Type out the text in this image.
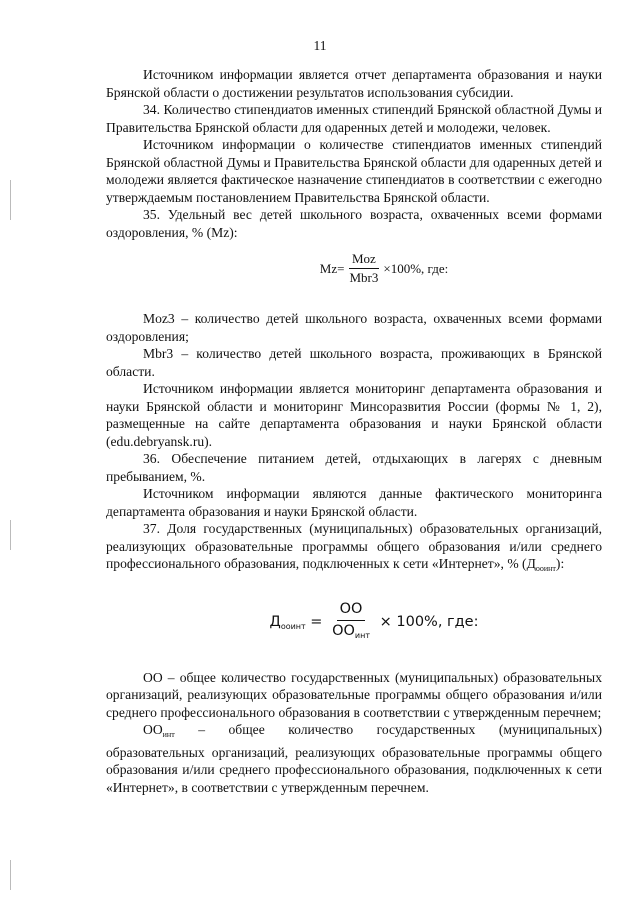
11

Источником информации является отчет департамента образования и науки Брянской области о достижении результатов использования субсидии.

34. Количество стипендиатов именных стипендий Брянской областной Думы и Правительства Брянской области для одаренных детей и молодежи, человек.

Источником информации о количестве стипендиатов именных стипендий Брянской областной Думы и Правительства Брянской области для одаренных детей и молодежи является фактическое назначение стипендиатов в соответствии с ежегодно утверждаемым постановлением Правительства Брянской области.

35. Удельный вес детей школьного возраста, охваченных всеми формами оздоровления, % (Mz):

$Mz= \frac{\text{Moz}}{\text{Mbr3}} \times 100\%$, где:

Moz3 – количество детей школьного возраста, охваченных всеми формами оздоровления;

Mbr3 – количество детей школьного возраста, проживающих в Брянской области.

Источником информации является мониторинг департамента образования и науки Брянской области и мониторинг Минсоразвития России (формы № 1, 2), размещенные на сайте департамента образования и науки Брянской области (edu.debryansk.ru).

36. Обеспечение питанием детей, отдыхающих в лагерях с дневным пребыванием, %.

Источником информации являются данные фактического мониторинга департамента образования и науки Брянской области.

37. Доля государственных (муниципальных) образовательных организаций, реализующих образовательные программы общего образования и/или среднего профессионального образования, подключенных к сети «Интернет», % $(Д_{ооинт})$:

$Д_{ооинт} = \frac{ОО}{ОО_{инт}} \times 100\%$, где:

ОО – общее количество государственных (муниципальных) образовательных организаций, реализующих образовательные программы общего образования и/или среднего профессионального образования в соответствии с утвержденным перечнем;

$ОО_{инт}$ – общее количество государственных (муниципальных) образовательных организаций, реализующих образовательные программы общего образования и/или среднего профессионального образования, подключенных к сети «Интернет», в соответствии с утвержденным перечнем.
